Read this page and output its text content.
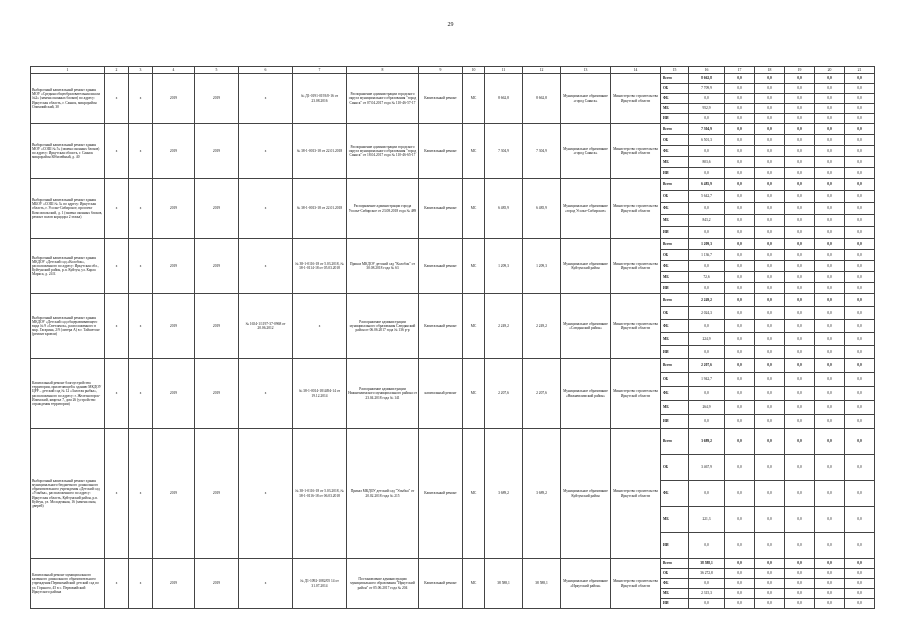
29
1	2	3	4	5	6	7	8	9	10	11	12	13	14	15	16	17	18	19	20	21
Выборочный капитальный ремонт здания МОУ «Средняя общеобразовательная школа №2» (замена оконных блоков) по адресу: Иркутская область, г. Саянск, микрорайон Олимпийский, 30	х	х	2019	2019	х	№ Д1-0191-0193/0-16 от 23.08.2016	Распоряжение администрации городского округа муниципального образования "город Саянск" от 07.04.2017 года № 110-46-57-17	Капитальный ремонт	МС	8 662,8	8 662,8	Муниципальное образование «город Саянск»	Министерство строительства Иркутской области	Всего	8 662,8	0,0	0,0	0,0	0,0	0,0
														ОБ	7 709,9	0,0	0,0	0,0	0,0	0,0
														ФБ	0,0	0,0	0,0	0,0	0,0	0,0
														МБ	952,9	0,0	0,0	0,0	0,0	0,0
														ИИ	0,0	0,0	0,0	0,0	0,0	0,0
Выборочный капитальный ремонт здания МОУ «СОШ № 5» (замена оконных блоков) по адресу: Иркутская область, г. Саянск микрорайон Юбилейный, д. 40	х	х	2019	2019	х	№ 38-1-0013-18 от 22.01.2018	Распоряжение администрации городского округа муниципального образования "город Саянск" от 18.04.2017 года № 110-46-65-17	Капитальный ремонт	МС	7 304,9	7 304,9	Муниципальное образование «город Саянск»	Министерство строительства Иркутской области	Всего	7 304,9	0,0	0,0	0,0	0,0	0,0
														ОБ	6 501,3	0,0	0,0	0,0	0,0	0,0
														ФБ	0,0	0,0	0,0	0,0	0,0	0,0
														МБ	803,6	0,0	0,0	0,0	0,0	0,0
														ИИ	0,0	0,0	0,0	0,0	0,0	0,0
Выборочный капитальный ремонт здания МБОУ «СОШ № 3» по адресу: Иркутская область, г. Усолье-Сибирское, проспект Комсомольский, д. 1 (замена оконных блоков, ремонт полов коридора 2 этажа)	х	х	2019	2019	х	№ 38-1-0013-18 от 22.01.2018	Распоряжение администрации города Усолье-Сибирское от 23.08.2018 года № 489	Капитальный ремонт	МС	6 485,9	6 485,9	Муниципальное образование «город Усолье-Сибирское»	Министерство строительства Иркутской области	Всего	6 485,9	0,0	0,0	0,0	0,0	0,0
														ОБ	5 642,7	0,0	0,0	0,0	0,0	0,0
														ФБ	0,0	0,0	0,0	0,0	0,0	0,0
														МБ	843,2	0,0	0,0	0,0	0,0	0,0
														ИИ	0,0	0,0	0,0	0,0	0,0	0,0
Выборочный капитальный ремонт здания МКДОУ «Детский сад «Колобок», расположенного по адресу: Иркутская обл., Куйтунский район, р.п. Куйтун, ул. Карла Маркса, д. 24 Б	х	х	2019	2019	х	№ 38-1-0116-18 от 5.03.2018, № 38-1-0114-18 от 05.03.2018	Приказ МКДОУ детский сад "Колобок" от 30.08.2018 года № 63	Капитальный ремонт	МС	1 209,3	1 209,3	Муниципальное образование Куйтунский район	Министерство строительства Иркутской области	Всего	1 209,3	0,0	0,0	0,0	0,0	0,0
														ОБ	1 136,7	0,0	0,0	0,0	0,0	0,0
														ФБ	0,0	0,0	0,0	0,0	0,0	0,0
														МБ	72,6	0,0	0,0	0,0	0,0	0,0
														ИИ	0,0	0,0	0,0	0,0	0,0	0,0
Выборочный капитальный ремонт здания МКДОУ «Детский сад общеразвивающего вида № 9 «Светлячок», расположенного в мкр. Гагарина, 2/9 (литера А) в г. Тайшетске (ремонт кровли)	х	х	2019	2019	№ 1654-1/1197-37-0968 от 20.06.2012	х	Распоряжение администрации муниципального образования Слюдянский район от 06.06.2017 года № 136 р-р	Капитальный ремонт	МС	2 249,2	2 249,2	Муниципальное образование «Слюдянский район»	Министерство строительства Иркутской области	Всего	2 249,2	0,0	0,0	0,0	0,0	0,0
														ОБ	2 024,3	0,0	0,0	0,0	0,0	0,0
														ФБ	0,0	0,0	0,0	0,0	0,0	0,0
														МБ	224,9	0,0	0,0	0,0	0,0	0,0
														ИИ	0,0	0,0	0,0	0,0	0,0	0,0
Капитальный ремонт благоустройства территории, прилегающей к зданию МКДОУ ЦРР – детский сад № 12 «Золотая рыбка», расположенного по адресу: г. Железногорск-Илимский, квартал 7, дом 26 (устройство ограждения территории)	х	х	2019	2019	х	№ 38-1-0014-18/4494-14 от 19.12.2014	Распоряжение администрации Нижнеилимского муниципального района от 23.04.2018 года № 141	капитальный ремонт	МС	2 207,6	2 207,6	Муниципальное образование «Нижнеилимский район»	Министерство строительства Иркутской области	Всего	2 207,6	0,0	0,0	0,0	0,0	0,0
														ОБ	1 942,7	0,0	0,0	0,0	0,0	0,0
														ФБ	0,0	0,0	0,0	0,0	0,0	0,0
														МБ	264,9	0,0	0,0	0,0	0,0	0,0
														ИИ	0,0	0,0	0,0	0,0	0,0	0,0
Выборочный капитальный ремонт здания муниципального бюджетного дошкольного образовательного учреждения «Детский сад «Улыбка», расположенного по адресу: Иркутская область, Куйтунский район, р.п. Куйтун, ул. Молодежная, 16 (замена окон, дверей)	х	х	2019	2019	х	№ 38-1-0116-18 от 5.03.2018, № 38-1-0116-18 от 06.03.2018	Приказ МКДОУ детский сад "Улыбка" от 20.02.2018 года № 215	Капитальный ремонт	МС	3 689,2	3 689,2	Муниципальное образование Куйтунский район	Министерство строительства Иркутской области	Всего	3 689,2	0,0	0,0	0,0	0,0	0,0
														ОБ	3 467,9	0,0	0,0	0,0	0,0	0,0
														ФБ	0,0	0,0	0,0	0,0	0,0	0,0
														МБ	221,3	0,0	0,0	0,0	0,0	0,0
														ИИ	0,0	0,0	0,0	0,0	0,0	0,0
Капитальный ремонт муниципального казенного дошкольного образовательного учреждения Перваомайский детский сад по ул. Горького, 45 в с. Первомайский Иркутского района	х	х	2019	2019	х	№ Д1-1092-1082/05 14 от 31.07.2014	Постановление администрации муниципального образования "Иркутский район" от 05.06.2017 года № 204	Капитальный ремонт	МС	38 588,1	38 588,1	Муниципальное образование «Иркутский район»	Министерство строительства Иркутской области	Всего	38 588,1	0,0	0,0	0,0	0,0	0,0
														ОБ	36 272,8	0,0	0,0	0,0	0,0	0,0
														ФБ	0,0	0,0	0,0	0,0	0,0	0,0
														МБ	2 315,3	0,0	0,0	0,0	0,0	0,0
														ИИ	0,0	0,0	0,0	0,0	0,0	0,0
